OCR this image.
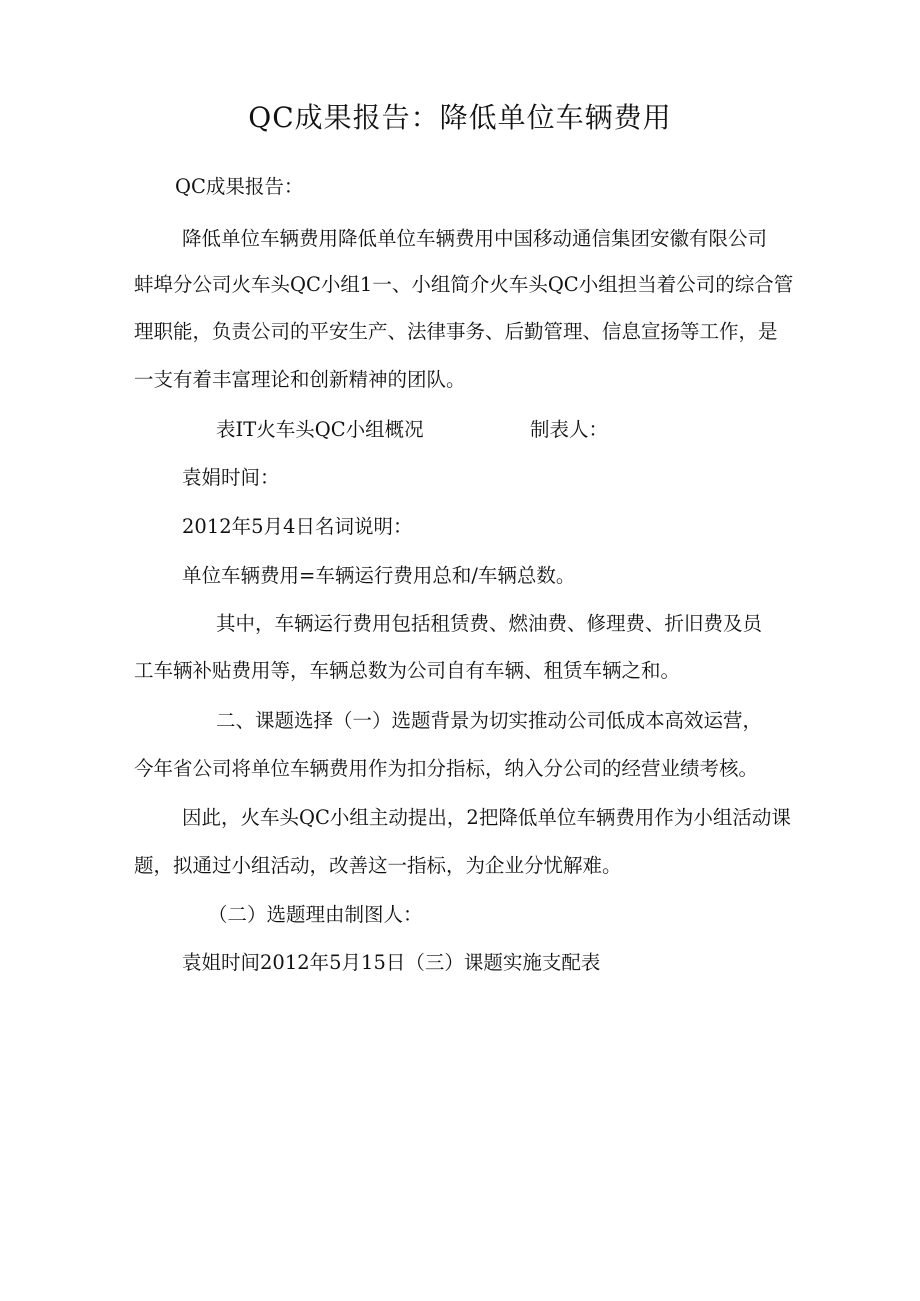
QC成果报告：降低单位车辆费用
QC成果报告：
降低单位车辆费用降低单位车辆费用中国移动通信集团安徽有限公司
蚌埠分公司火车头QC小组1一、小组简介火车头QC小组担当着公司的综合管
理职能，负责公司的平安生产、法律事务、后勤管理、信息宣扬等工作，是
一支有着丰富理论和创新精神的团队。
表IT火车头QC小组概况	制表人：
袁娟时间：
2012年5月4日名词说明：
单位车辆费用=车辆运行费用总和/车辆总数。
其中，车辆运行费用包括租赁费、燃油费、修理费、折旧费及员
工车辆补贴费用等，车辆总数为公司自有车辆、租赁车辆之和。
二、课题选择（一）选题背景为切实推动公司低成本高效运营，
今年省公司将单位车辆费用作为扣分指标，纳入分公司的经营业绩考核。
因此，火车头QC小组主动提出，2把降低单位车辆费用作为小组活动课
题，拟通过小组活动，改善这一指标，为企业分忧解难。
（二）选题理由制图人：
袁姐时间2012年5月15日（三）课题实施支配表
